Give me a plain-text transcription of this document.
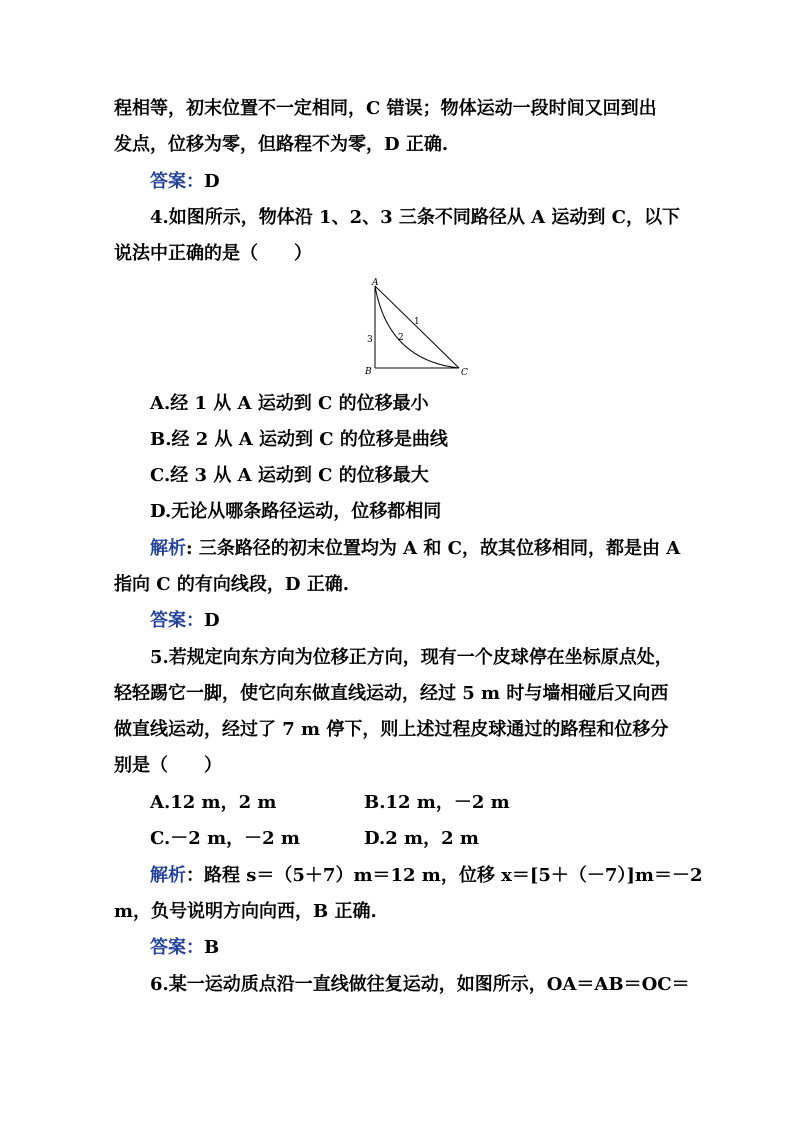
程相等，初末位置不一定相同，C 错误；物体运动一段时间又回到出
发点，位移为零，但路程不为零，D 正确.
答案：D
4.如图所示，物体沿 1、2、3 三条不同路径从 A 运动到 C，以下
说法中正确的是（　　）
A
B	C
1
2
3
A.经 1 从 A 运动到 C 的位移最小
B.经 2 从 A 运动到 C 的位移是曲线
C.经 3 从 A 运动到 C 的位移最大
D.无论从哪条路径运动，位移都相同
解析: 三条路径的初末位置均为 A 和 C，故其位移相同，都是由 A
指向 C 的有向线段，D 正确.
答案：D
5.若规定向东方向为位移正方向，现有一个皮球停在坐标原点处，
轻轻踢它一脚，使它向东做直线运动，经过 5 m 时与墙相碰后又向西
做直线运动，经过了 7 m 停下，则上述过程皮球通过的路程和位移分
别是（　　）
A.12 m，2 m	B.12 m，－2 m
C.－2 m，－2 m	D.2 m，2 m
解析：路程 s＝（5＋7）m＝12 m，位移 x＝[5＋（－7）]m＝－2
m，负号说明方向向西，B 正确.
答案：B
6.某一运动质点沿一直线做往复运动，如图所示，OA＝AB＝OC＝
